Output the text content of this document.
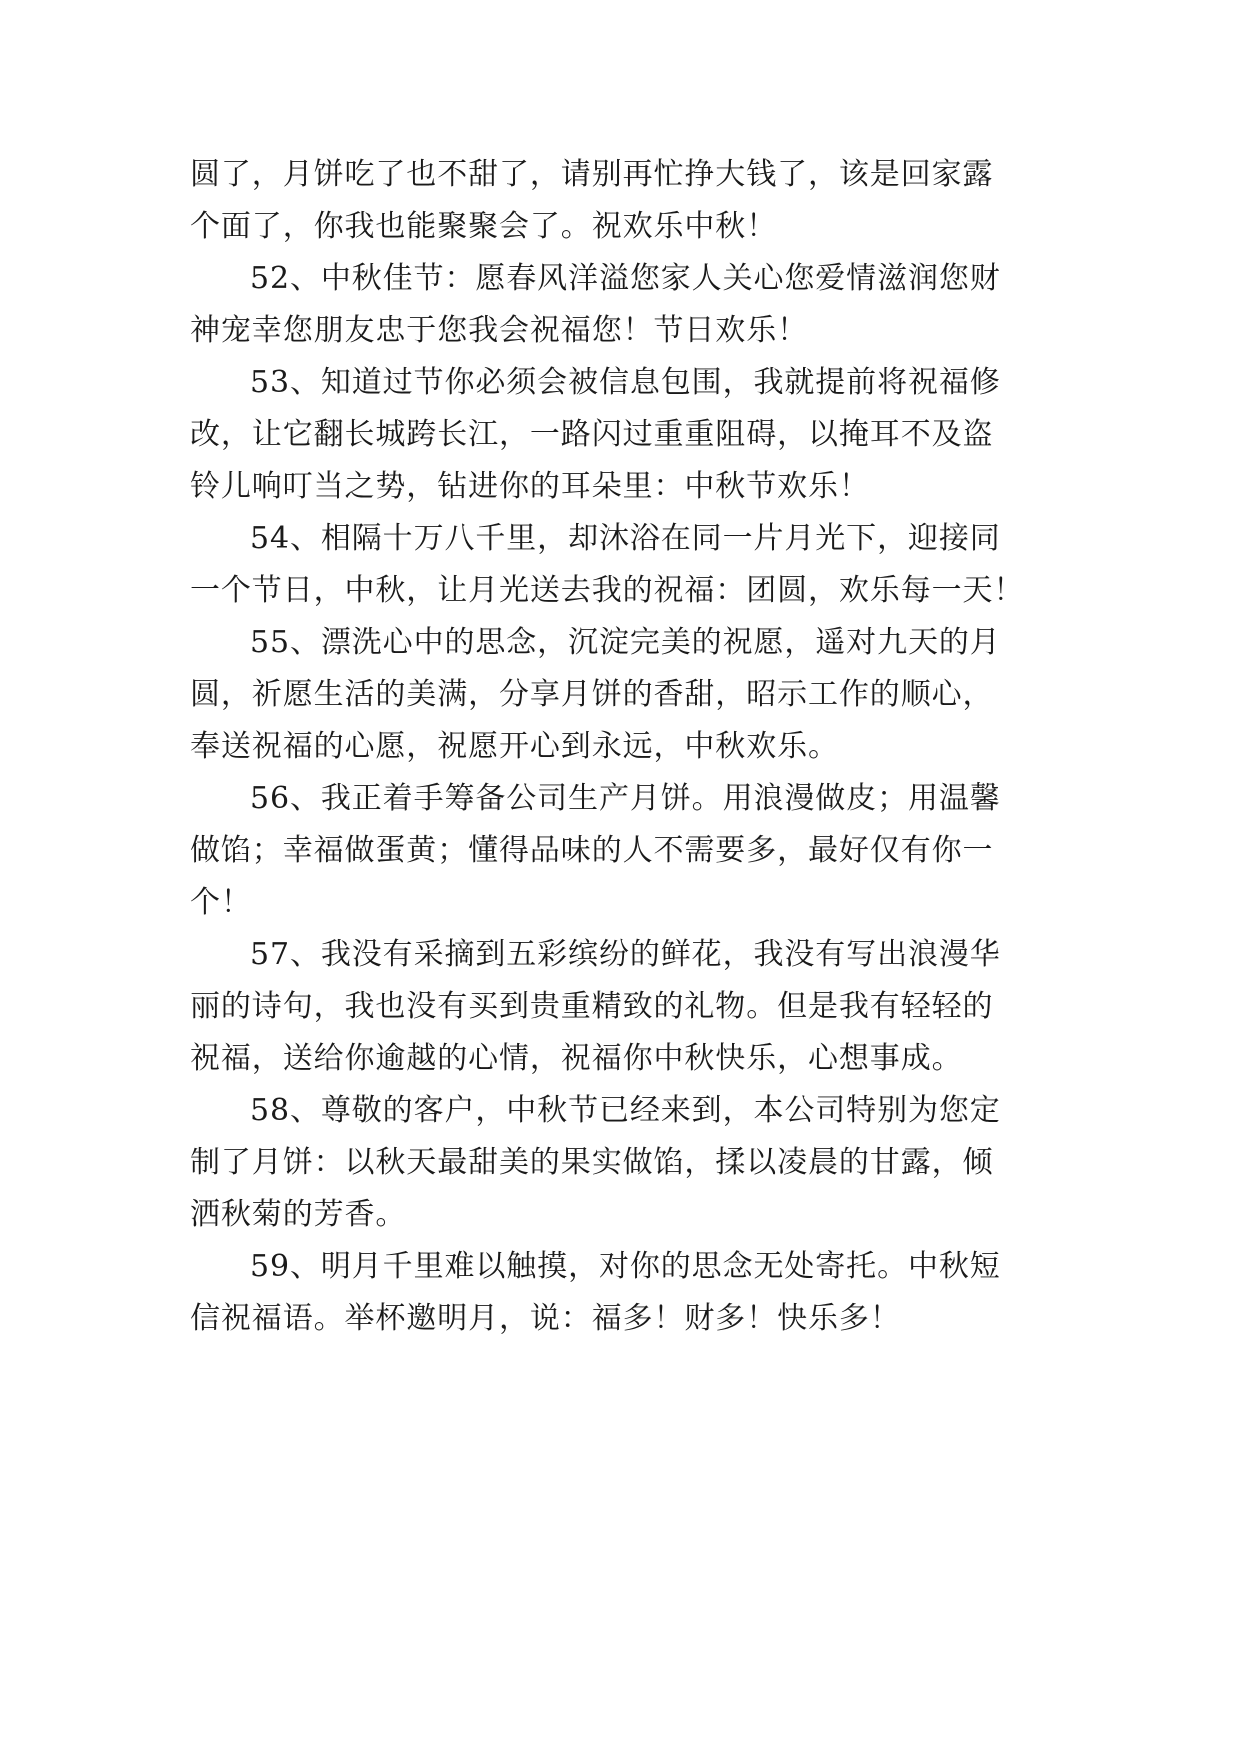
圆了，月饼吃了也不甜了，请别再忙挣大钱了，该是回家露
个面了，你我也能聚聚会了。祝欢乐中秋！
52、中秋佳节：愿春风洋溢您家人关心您爱情滋润您财
神宠幸您朋友忠于您我会祝福您！节日欢乐！
53、知道过节你必须会被信息包围，我就提前将祝福修
改，让它翻长城跨长江，一路闪过重重阻碍，以掩耳不及盗
铃儿响叮当之势，钻进你的耳朵里：中秋节欢乐！
54、相隔十万八千里，却沐浴在同一片月光下，迎接同
一个节日，中秋，让月光送去我的祝福：团圆，欢乐每一天！
55、漂洗心中的思念，沉淀完美的祝愿，遥对九天的月
圆，祈愿生活的美满，分享月饼的香甜，昭示工作的顺心，
奉送祝福的心愿，祝愿开心到永远，中秋欢乐。
56、我正着手筹备公司生产月饼。用浪漫做皮；用温馨
做馅；幸福做蛋黄；懂得品味的人不需要多，最好仅有你一
个！
57、我没有采摘到五彩缤纷的鲜花，我没有写出浪漫华
丽的诗句，我也没有买到贵重精致的礼物。但是我有轻轻的
祝福，送给你逾越的心情，祝福你中秋快乐，心想事成。
58、尊敬的客户，中秋节已经来到，本公司特别为您定
制了月饼：以秋天最甜美的果实做馅，揉以凌晨的甘露，倾
洒秋菊的芳香。
59、明月千里难以触摸，对你的思念无处寄托。中秋短
信祝福语。举杯邀明月，说：福多！财多！快乐多！
